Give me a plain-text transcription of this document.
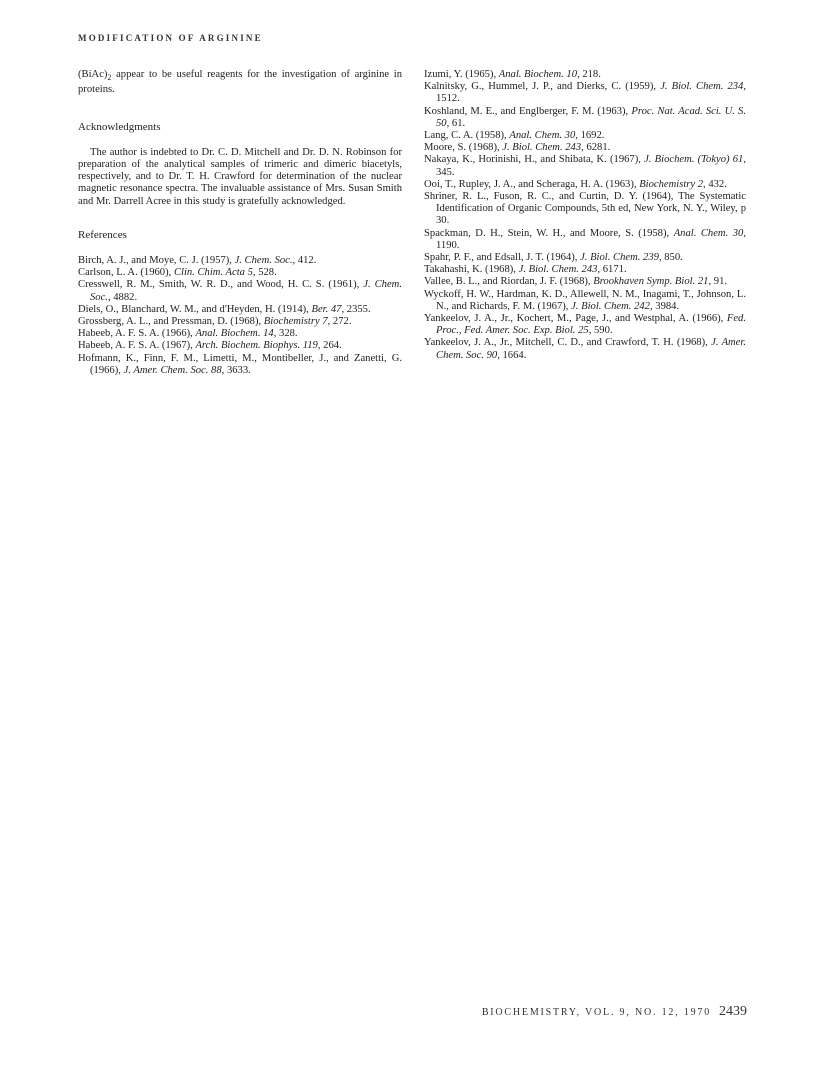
MODIFICATION OF ARGININE

$(BiAc)_2$ appear to be useful reagents for the investigation of arginine in proteins.

Acknowledgments

The author is indebted to Dr. C. D. Mitchell and Dr. D. N. Robinson for preparation of the analytical samples of trimeric and dimeric biacetyls, respectively, and to Dr. T. H. Crawford for determination of the nuclear magnetic resonance spectra. The invaluable assistance of Mrs. Susan Smith and Mr. Darrell Acree in this study is gratefully acknowledged.

References

Birch, A. J., and Moye, C. J. (1957), J. Chem. Soc., 412.

Carlson, L. A. (1960), Clin. Chim. Acta 5, 528.

Cresswell, R. M., Smith, W. R. D., and Wood, H. C. S. (1961), J. Chem. Soc., 4882.

Diels, O., Blanchard, W. M., and d'Heyden, H. (1914), Ber. 47, 2355.

Grossberg, A. L., and Pressman, D. (1968), Biochemistry 7, 272.

Habeeb, A. F. S. A. (1966), Anal. Biochem. 14, 328.

Habeeb, A. F. S. A. (1967), Arch. Biochem. Biophys. 119, 264.

Hofmann, K., Finn, F. M., Limetti, M., Montibeller, J., and Zanetti, G. (1966), J. Amer. Chem. Soc. 88, 3633.

Izumi, Y. (1965), Anal. Biochem. 10, 218.

Kalnitsky, G., Hummel, J. P., and Dierks, C. (1959), J. Biol. Chem. 234, 1512.

Koshland, M. E., and Englberger, F. M. (1963), Proc. Nat. Acad. Sci. U. S. 50, 61.

Lang, C. A. (1958), Anal. Chem. 30, 1692.

Moore, S. (1968), J. Biol. Chem. 243, 6281.

Nakaya, K., Horinishi, H., and Shibata, K. (1967), J. Biochem. (Tokyo) 61, 345.

Ooi, T., Rupley, J. A., and Scheraga, H. A. (1963), Biochemistry 2, 432.

Shriner, R. L., Fuson, R. C., and Curtin, D. Y. (1964), The Systematic Identification of Organic Compounds, 5th ed, New York, N. Y., Wiley, p 30.

Spackman, D. H., Stein, W. H., and Moore, S. (1958), Anal. Chem. 30, 1190.

Spahr, P. F., and Edsall, J. T. (1964), J. Biol. Chem. 239, 850.

Takahashi, K. (1968), J. Biol. Chem. 243, 6171.

Vallee, B. L., and Riordan, J. F. (1968), Brookhaven Symp. Biol. 21, 91.

Wyckoff, H. W., Hardman, K. D., Allewell, N. M., Inagami, T., Johnson, L. N., and Richards, F. M. (1967), J. Biol. Chem. 242, 3984.

Yankeelov, J. A., Jr., Kochert, M., Page, J., and Westphal, A. (1966), Fed. Proc., Fed. Amer. Soc. Exp. Biol. 25, 590.

Yankeelov, J. A., Jr., Mitchell, C. D., and Crawford, T. H. (1968), J. Amer. Chem. Soc. 90, 1664.

BIOCHEMISTRY, VOL. 9, NO. 12, 1970 2439
